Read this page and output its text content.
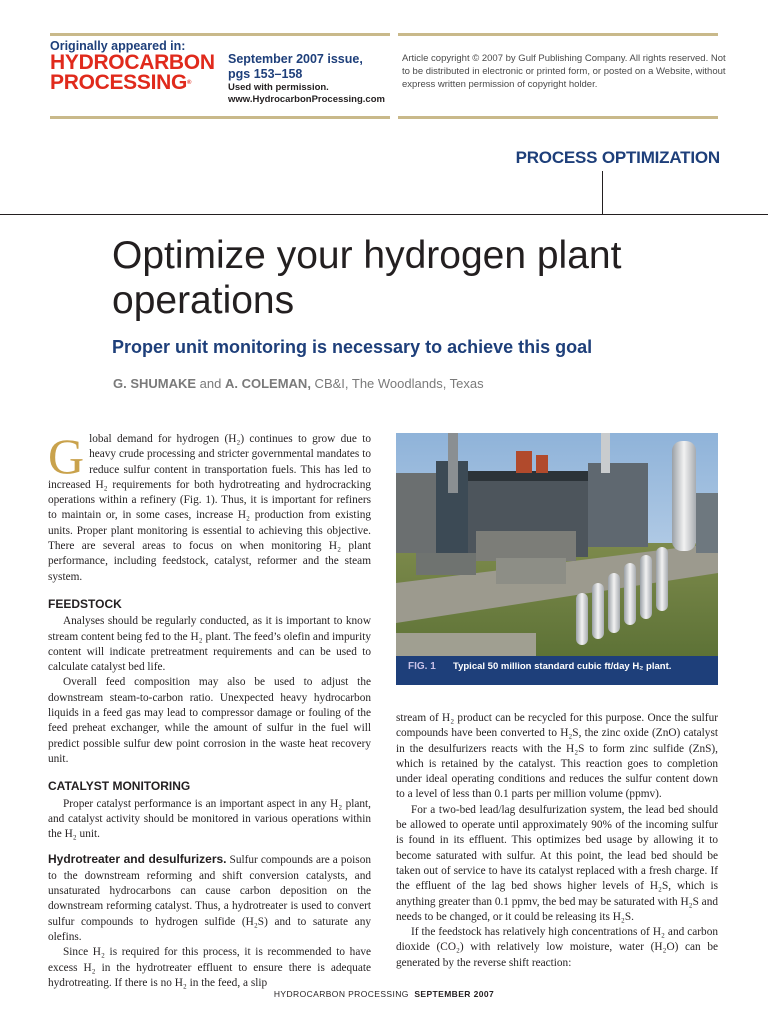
Originally appeared in:
HYDROCARBON
PROCESSING®
September 2007 issue,
pgs 153–158
Used with permission.
www.HydrocarbonProcessing.com
Article copyright © 2007 by Gulf Publishing Company. All rights reserved. Not to be distributed in electronic or printed form, or posted on a Website, without express written permission of copyright holder.
PROCESS OPTIMIZATION
Optimize your hydrogen plant operations
Proper unit monitoring is necessary to achieve this goal
G. SHUMAKE and A. COLEMAN, CB&I, The Woodlands, Texas

Global demand for hydrogen (H₂) continues to grow due to heavy crude processing and stricter governmental mandates to reduce sulfur content in transportation fuels. This has led to increased H₂ requirements for both hydrotreating and hydrocracking operations within a refinery (Fig. 1). Thus, it is important for refiners to maintain or, in some cases, increase H₂ production from existing units. Proper plant monitoring is essential to achieving this objective. There are several areas to focus on when monitoring H₂ plant performance, including feedstock, catalyst, reformer and the steam system.

FEEDSTOCK

Analyses should be regularly conducted, as it is important to know stream content being fed to the H₂ plant. The feed’s olefin and impurity content will indicate pretreatment requirements and can be used to calculate catalyst bed life.

Overall feed composition may also be used to adjust the downstream steam-to-carbon ratio. Unexpected heavy hydrocarbon liquids in a feed gas may lead to compressor damage or fouling of the feed preheat exchanger, while the amount of sulfur in the fuel will predict possible sulfur dew point corrosion in the waste heat recovery unit.

CATALYST MONITORING

Proper catalyst performance is an important aspect in any H₂ plant, and catalyst activity should be monitored in various operations within the H₂ unit.

Hydrotreater and desulfurizers. Sulfur compounds are a poison to the downstream reforming and shift conversion catalysts, and unsaturated hydrocarbons can cause carbon deposition on the downstream reforming catalyst. Thus, a hydrotreater is used to convert sulfur compounds to hydrogen sulfide (H₂S) and to saturate any olefins.

Since H₂ is required for this process, it is recommended to have excess H₂ in the hydrotreater effluent to ensure there is adequate hydrotreating. If there is no H₂ in the feed, a slip

FIG. 1 Typical 50 million standard cubic ft/day H₂ plant.

stream of H₂ product can be recycled for this purpose. Once the sulfur compounds have been converted to H₂S, the zinc oxide (ZnO) catalyst in the desulfurizers reacts with the H₂S to form zinc sulfide (ZnS), which is retained by the catalyst. This reaction goes to completion under ideal operating conditions and reduces the sulfur content down to a level of less than 0.1 parts per million volume (ppmv).

For a two-bed lead/lag desulfurization system, the lead bed should be allowed to operate until approximately 90% of the incoming sulfur is found in its effluent. This optimizes bed usage by allowing it to become saturated with sulfur. At this point, the lead bed should be taken out of service to have its catalyst replaced with a fresh charge. If the effluent of the lag bed shows higher levels of H₂S, which is anything greater than 0.1 ppmv, the bed may be saturated with H₂S and needs to be changed, or it could be releasing its H₂S.

If the feedstock has relatively high concentrations of H₂ and carbon dioxide (CO₂) with relatively low moisture, water (H₂O) can be generated by the reverse shift reaction:

HYDROCARBON PROCESSING SEPTEMBER 2007
